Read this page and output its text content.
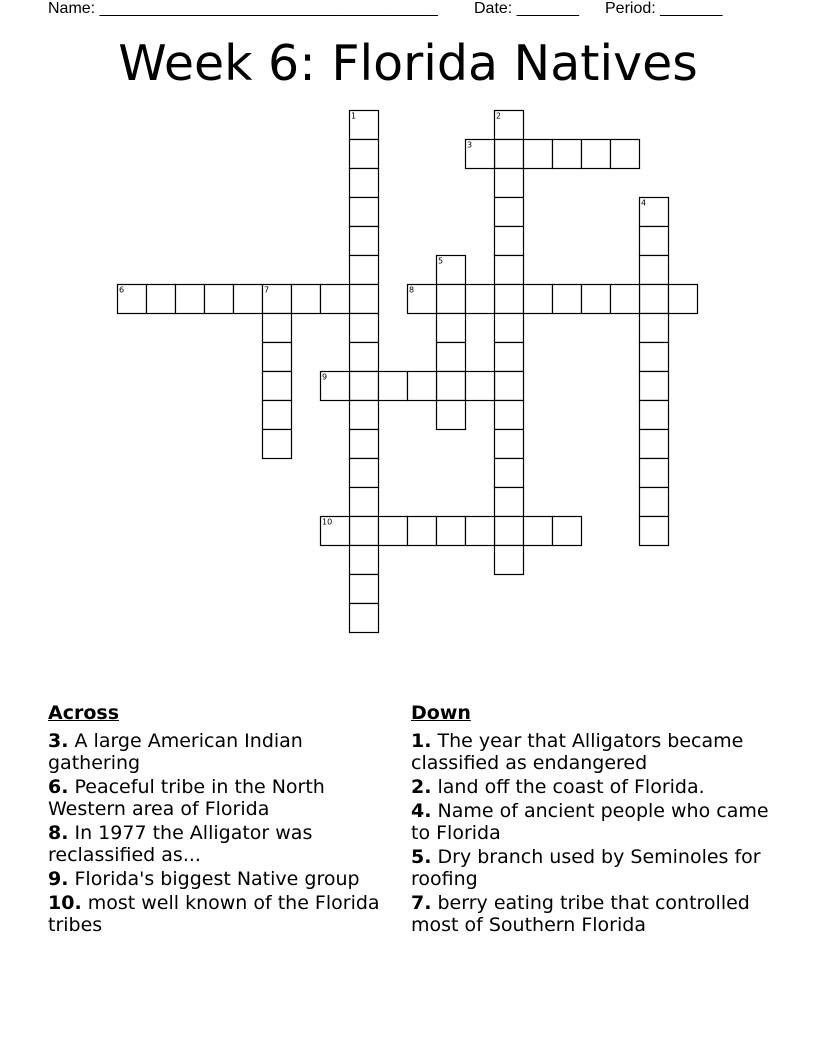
Name: ______________________________________ Date: _______ Period: _______
Week 6: Florida Natives
1	2
3
4
5
6	7	8
9
10
Across
3. A large American Indian gathering
6. Peaceful tribe in the North Western area of Florida
8. In 1977 the Alligator was reclassified as...
9. Florida's biggest Native group
10. most well known of the Florida tribes
Down
1. The year that Alligators became classified as endangered
2. land off the coast of Florida.
4. Name of ancient people who came to Florida
5. Dry branch used by Seminoles for roofing
7. berry eating tribe that controlled most of Southern Florida
